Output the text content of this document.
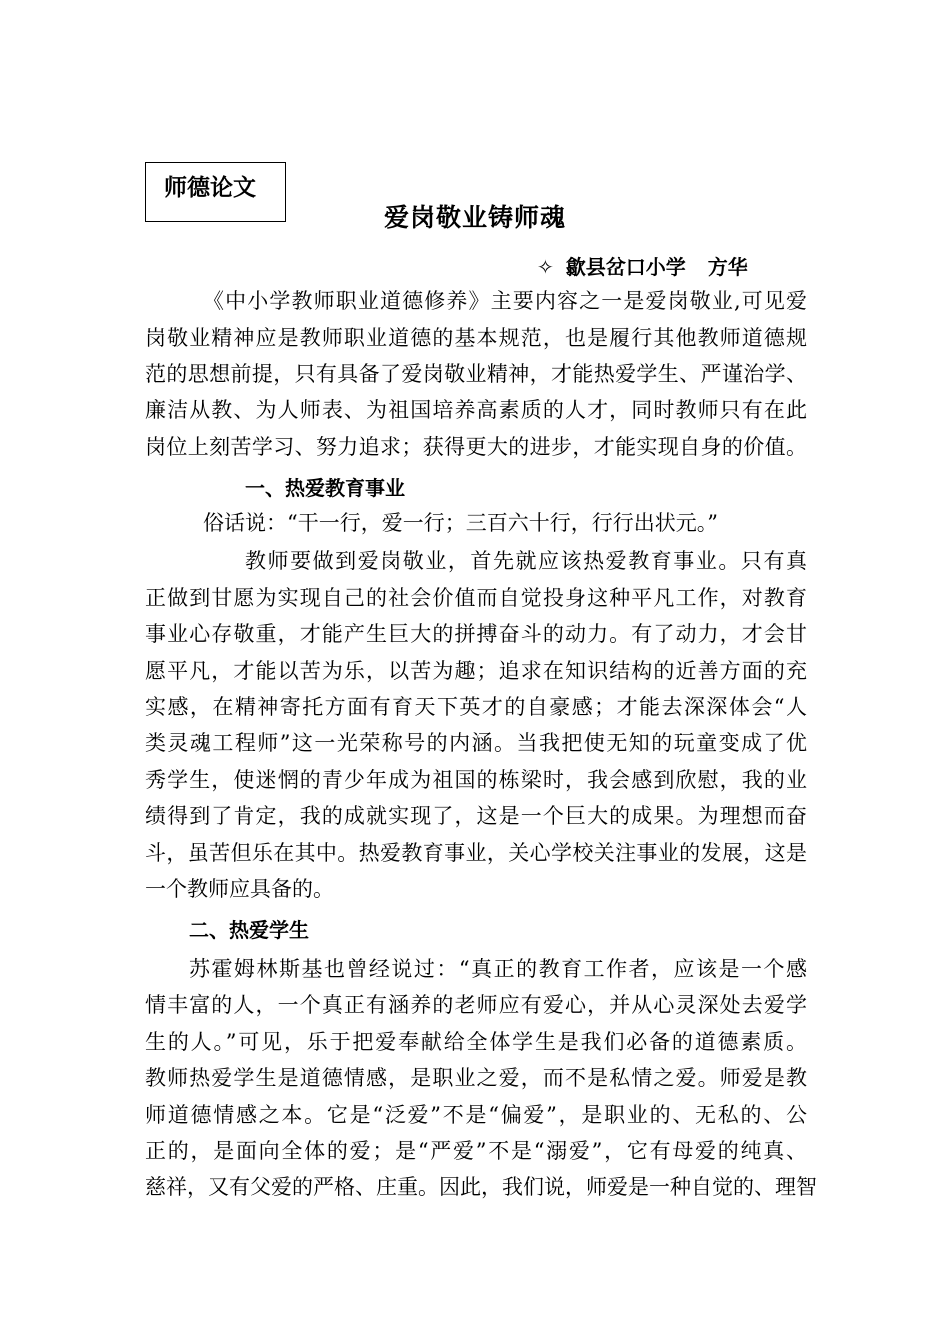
师德论文
爱岗敬业铸师魂
✧ 歙县岔口小学 方华
《中小学教师职业道德修养》主要内容之一是爱岗敬业,可见爱
岗敬业精神应是教师职业道德的基本规范，也是履行其他教师道德规
范的思想前提，只有具备了爱岗敬业精神，才能热爱学生、严谨治学、
廉洁从教、为人师表、为祖国培养高素质的人才，同时教师只有在此
岗位上刻苦学习、努力追求；获得更大的进步，才能实现自身的价值。
一、热爱教育事业
俗话说：“干一行，爱一行；三百六十行，行行出状元。”
教师要做到爱岗敬业，首先就应该热爱教育事业。只有真
正做到甘愿为实现自己的社会价值而自觉投身这种平凡工作，对教育
事业心存敬重，才能产生巨大的拼搏奋斗的动力。有了动力，才会甘
愿平凡，才能以苦为乐，以苦为趣；追求在知识结构的近善方面的充
实感，在精神寄托方面有育天下英才的自豪感；才能去深深体会“人
类灵魂工程师”这一光荣称号的内涵。当我把使无知的玩童变成了优
秀学生，使迷惘的青少年成为祖国的栋梁时，我会感到欣慰，我的业
绩得到了肯定，我的成就实现了，这是一个巨大的成果。为理想而奋
斗，虽苦但乐在其中。热爱教育事业，关心学校关注事业的发展，这是
一个教师应具备的。
二、热爱学生
苏霍姆林斯基也曾经说过：“真正的教育工作者，应该是一个感
情丰富的人，一个真正有涵养的老师应有爱心，并从心灵深处去爱学
生的人。”可见，乐于把爱奉献给全体学生是我们必备的道德素质。
教师热爱学生是道德情感，是职业之爱，而不是私情之爱。师爱是教
师道德情感之本。它是“泛爱”不是“偏爱”，是职业的、无私的、公
正的，是面向全体的爱；是“严爱”不是“溺爱”，它有母爱的纯真、
慈祥，又有父爱的严格、庄重。因此，我们说，师爱是一种自觉的、理智
